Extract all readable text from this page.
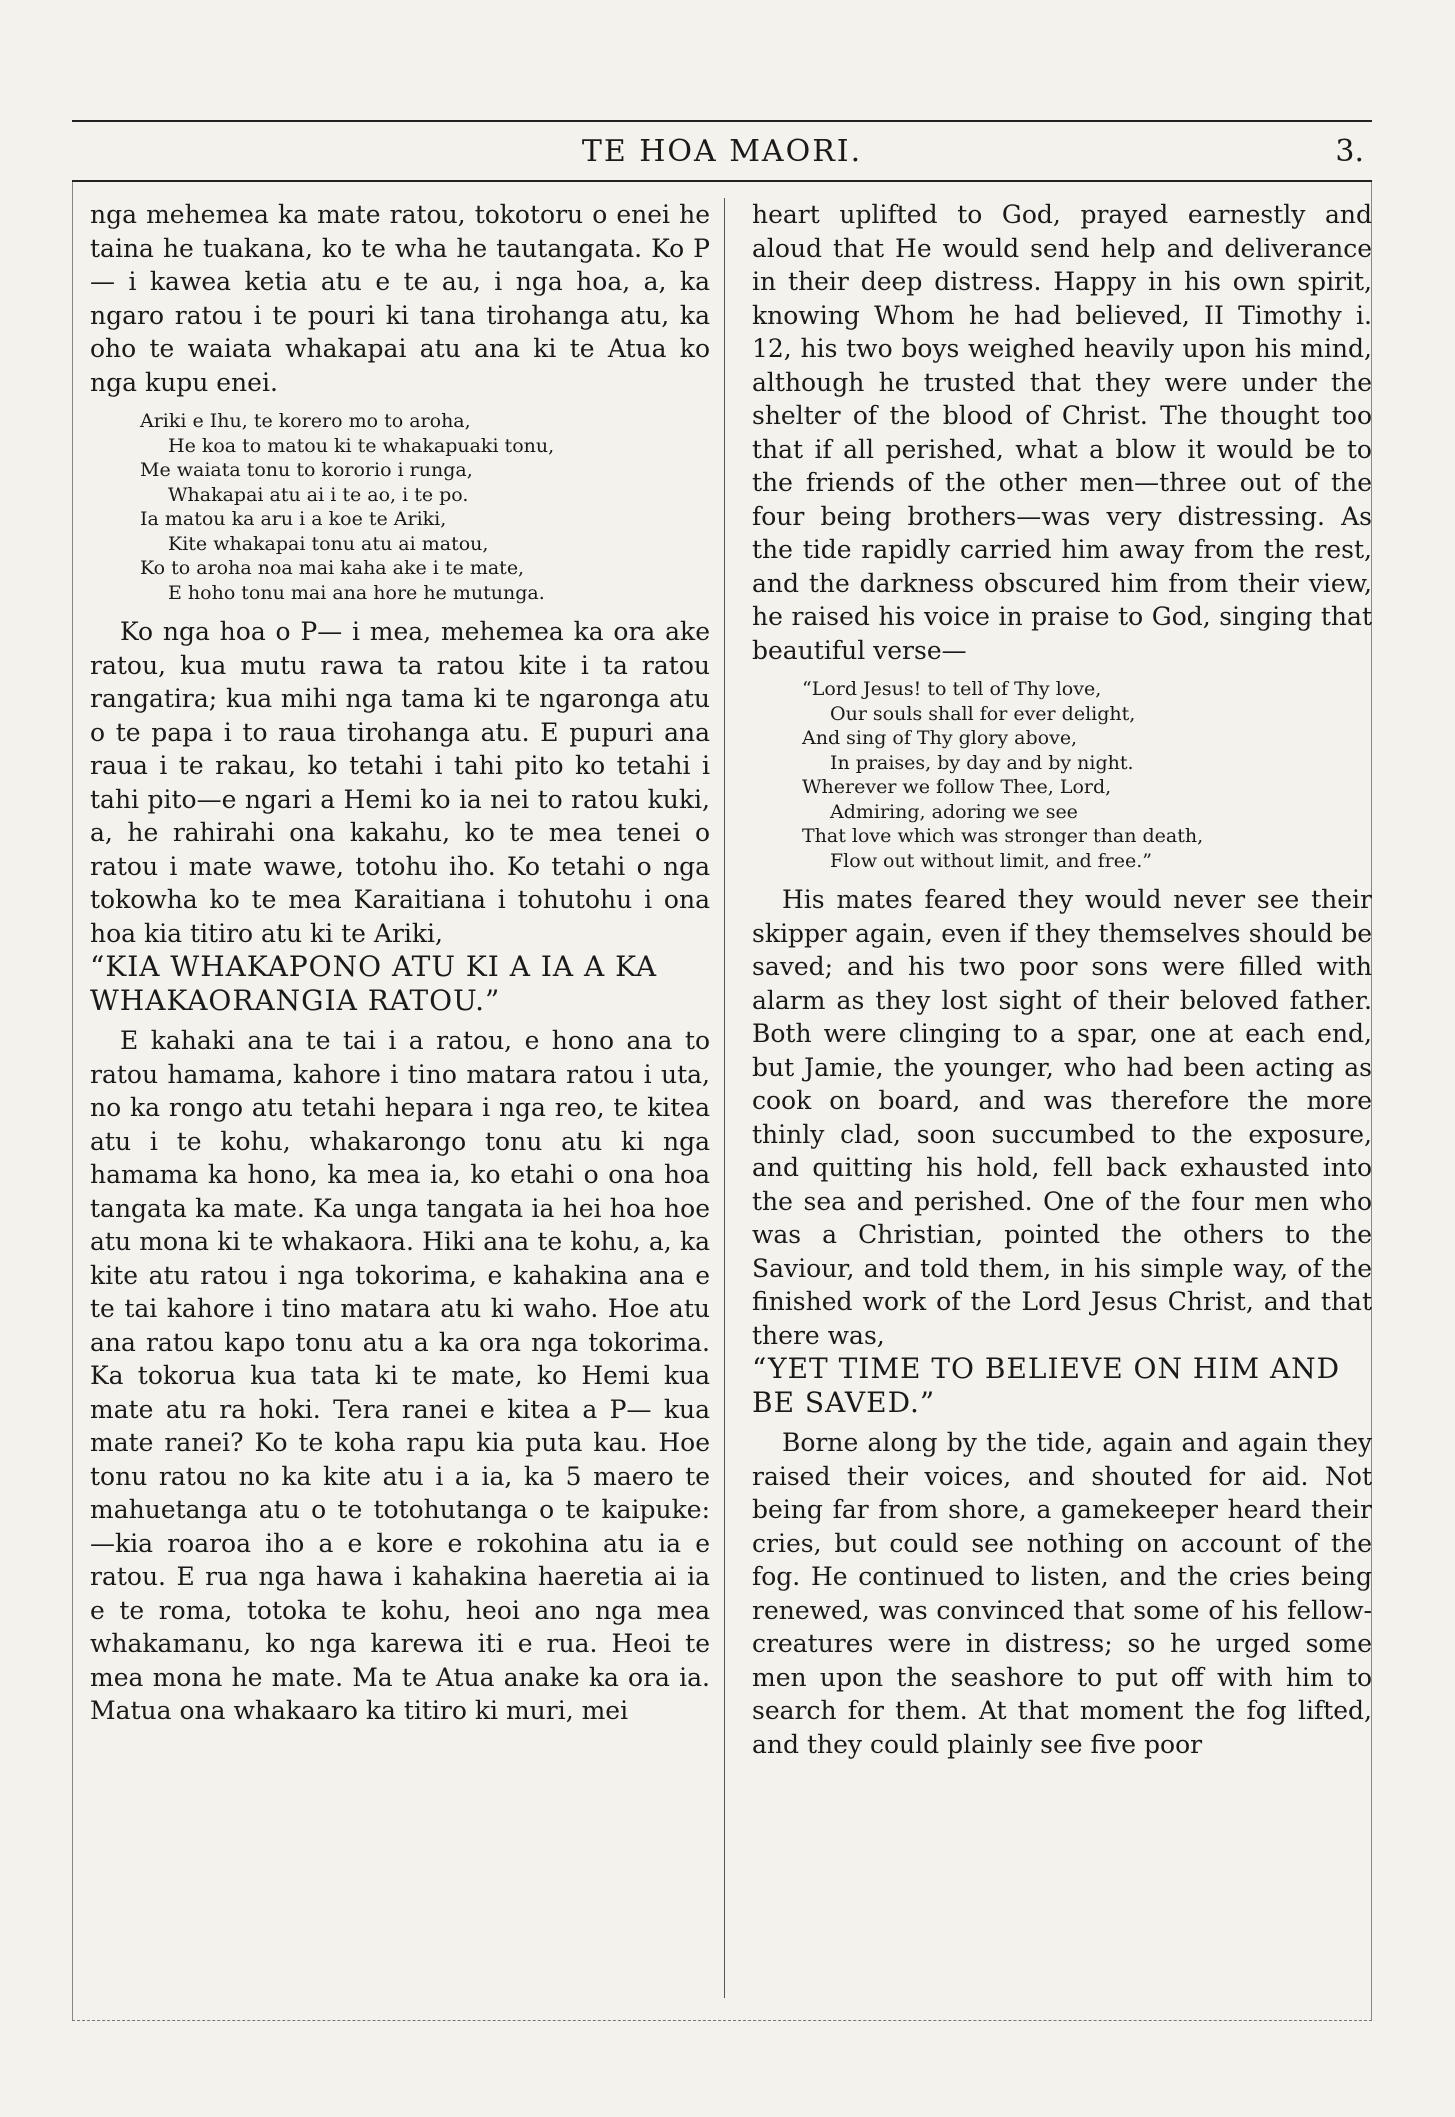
TE HOA MAORI.	3.

nga mehemea ka mate ratou, tokotoru o enei he taina he tuakana, ko te wha he tautangata. Ko P— i kawea ketia atu e te au, i nga hoa, a, ka ngaro ratou i te pouri ki tana tirohanga atu, ka oho te waiata whakapai atu ana ki te Atua ko nga kupu enei.

Ariki e Ihu, te korero mo to aroha,
He koa to matou ki te whakapuaki tonu,
Me waiata tonu to kororio i runga,
Whakapai atu ai i te ao, i te po.
Ia matou ka aru i a koe te Ariki,
Kite whakapai tonu atu ai matou,
Ko to aroha noa mai kaha ake i te mate,
E hoho tonu mai ana hore he mutunga.

Ko nga hoa o P— i mea, mehemea ka ora ake ratou, kua mutu rawa ta ratou kite i ta ratou rangatira; kua mihi nga tama ki te ngaronga atu o te papa i to raua tirohanga atu. E pupuri ana raua i te rakau, ko tetahi i tahi pito ko tetahi i tahi pito—e ngari a Hemi ko ia nei to ratou kuki, a, he rahirahi ona kakahu, ko te mea tenei o ratou i mate wawe, totohu iho. Ko tetahi o nga tokowha ko te mea Karaitiana i tohutohu i ona hoa kia titiro atu ki te Ariki,

“KIA WHAKAPONO ATU KI A IA A KA WHAKAORANGIA RATOU.”

E kahaki ana te tai i a ratou, e hono ana to ratou hamama, kahore i tino matara ratou i uta, no ka rongo atu tetahi hepara i nga reo, te kitea atu i te kohu, whakarongo tonu atu ki nga hamama ka hono, ka mea ia, ko etahi o ona hoa tangata ka mate. Ka unga tangata ia hei hoa hoe atu mona ki te whakaora. Hiki ana te kohu, a, ka kite atu ratou i nga tokorima, e kahakina ana e te tai kahore i tino matara atu ki waho. Hoe atu ana ratou kapo tonu atu a ka ora nga tokorima. Ka tokorua kua tata ki te mate, ko Hemi kua mate atu ra hoki. Tera ranei e kitea a P— kua mate ranei? Ko te koha rapu kia puta kau. Hoe tonu ratou no ka kite atu i a ia, ka 5 maero te mahuetanga atu o te totohutanga o te kaipuke:—kia roaroa iho a e kore e rokohina atu ia e ratou. E rua nga hawa i kahakina haeretia ai ia e te roma, totoka te kohu, heoi ano nga mea whakamanu, ko nga karewa iti e rua. Heoi te mea mona he mate. Ma te Atua anake ka ora ia. Matua ona whakaaro ka titiro ki muri, mei

heart uplifted to God, prayed earnestly and aloud that He would send help and deliverance in their deep distress. Happy in his own spirit, knowing Whom he had believed, II Timothy i. 12, his two boys weighed heavily upon his mind, although he trusted that they were under the shelter of the blood of Christ. The thought too that if all perished, what a blow it would be to the friends of the other men—three out of the four being brothers—was very distressing. As the tide rapidly carried him away from the rest, and the darkness obscured him from their view, he raised his voice in praise to God, singing that beautiful verse—

“Lord Jesus! to tell of Thy love,
Our souls shall for ever delight,
And sing of Thy glory above,
In praises, by day and by night.
Wherever we follow Thee, Lord,
Admiring, adoring we see
That love which was stronger than death,
Flow out without limit, and free.”

His mates feared they would never see their skipper again, even if they themselves should be saved; and his two poor sons were filled with alarm as they lost sight of their beloved father. Both were clinging to a spar, one at each end, but Jamie, the younger, who had been acting as cook on board, and was therefore the more thinly clad, soon succumbed to the exposure, and quitting his hold, fell back exhausted into the sea and perished. One of the four men who was a Christian, pointed the others to the Saviour, and told them, in his simple way, of the finished work of the Lord Jesus Christ, and that there was,

“YET TIME TO BELIEVE ON HIM AND BE SAVED.”

Borne along by the tide, again and again they raised their voices, and shouted for aid. Not being far from shore, a gamekeeper heard their cries, but could see nothing on account of the fog. He continued to listen, and the cries being renewed, was convinced that some of his fellow-creatures were in distress; so he urged some men upon the seashore to put off with him to search for them. At that moment the fog lifted, and they could plainly see five poor
